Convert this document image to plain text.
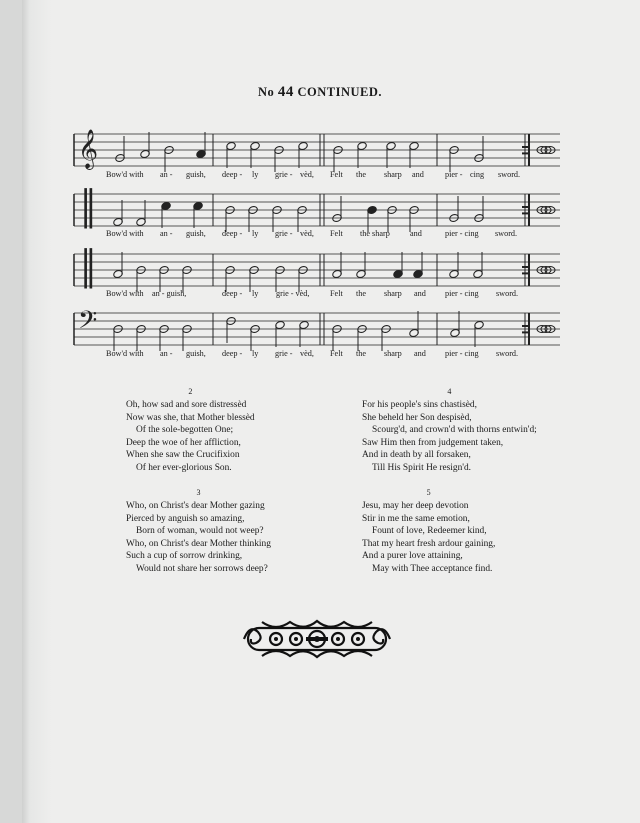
No 44 CONTINUED.
𝄞
║
║
𝄢
Bow'd with an - guish, deep - ly grie - vèd, Felt the sharp and	pier - cing sword.
Bow'd with an - guish, deep - ly grie - vèd, Felt the sharp and	pier - cing sword.
Bow'd with an - guish,	deep - ly grie - vèd,	Felt the sharp and pier - cing sword.
Bow'd with an - guish, deep - ly grie - vèd, Felt the sharp and pier - cing sword.
2
Oh, how sad and sore distressèd
Now was she, that Mother blessèd
Of the sole-begotten One;
Deep the woe of her affliction,
When she saw the Crucifixion
Of her ever-glorious Son.
3
Who, on Christ's dear Mother gazing
Pierced by anguish so amazing,
Born of woman, would not weep?
Who, on Christ's dear Mother thinking
Such a cup of sorrow drinking,
Would not share her sorrows deep?
4
For his people's sins chastisèd,
She beheld her Son despisèd,
Scourg'd, and crown'd with thorns entwin'd;
Saw Him then from judgement taken,
And in death by all forsaken,
Till His Spirit He resign'd.
5
Jesu, may her deep devotion
Stir in me the same emotion,
Fount of love, Redeemer kind,
That my heart fresh ardour gaining,
And a purer love attaining,
May with Thee acceptance find.
